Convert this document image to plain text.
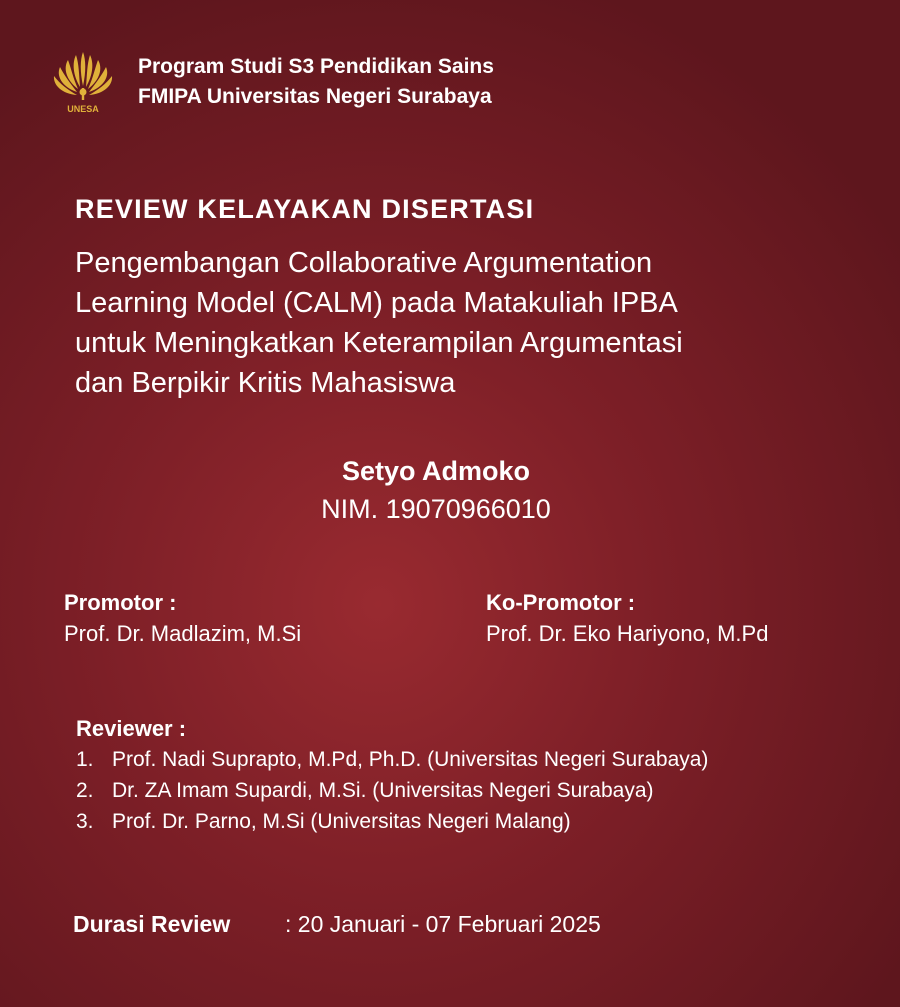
UNESA
Program Studi S3 Pendidikan Sains
FMIPA Universitas Negeri Surabaya
REVIEW KELAYAKAN DISERTASI
Pengembangan Collaborative Argumentation
Learning Model (CALM) pada Matakuliah IPBA
untuk Meningkatkan Keterampilan Argumentasi
dan Berpikir Kritis Mahasiswa
Setyo Admoko
NIM. 19070966010
Promotor :
Prof. Dr. Madlazim, M.Si
Ko-Promotor :
Prof. Dr. Eko Hariyono, M.Pd
Reviewer :
1. Prof. Nadi Suprapto, M.Pd, Ph.D. (Universitas Negeri Surabaya)
2. Dr. ZA Imam Supardi, M.Si. (Universitas Negeri Surabaya)
3. Prof. Dr. Parno, M.Si (Universitas Negeri Malang)
Durasi Review : 20 Januari - 07 Februari 2025
